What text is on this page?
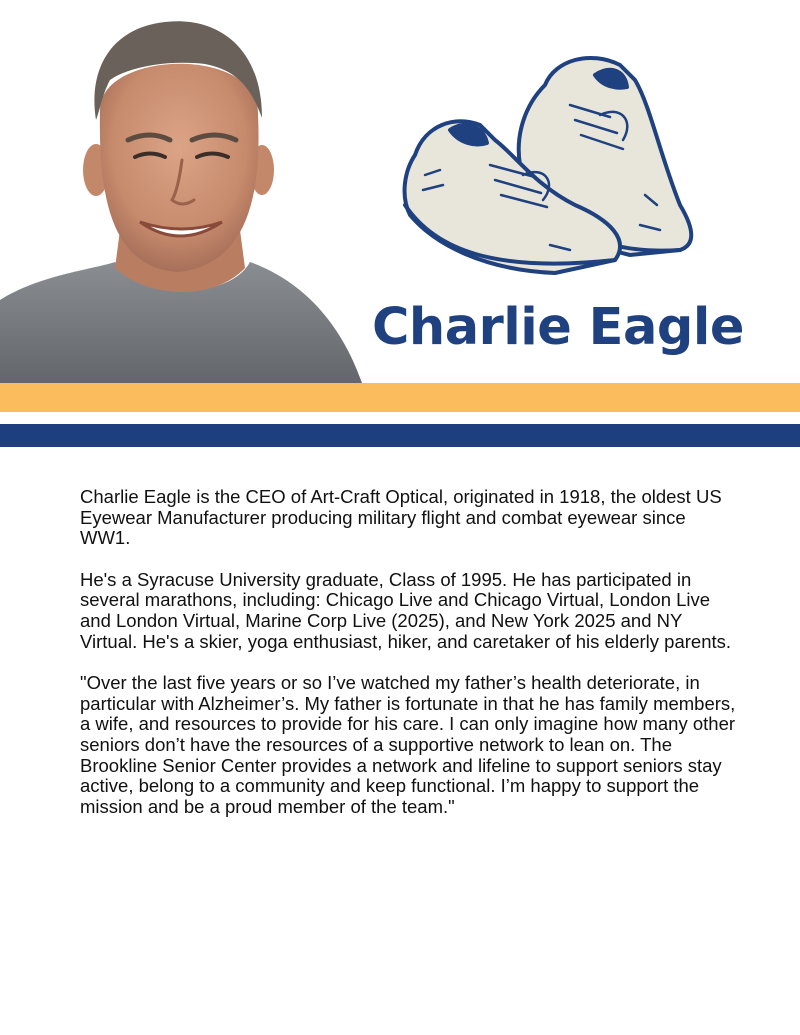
Charlie Eagle

Charlie Eagle is the CEO of Art-Craft Optical, originated in 1918, the oldest US Eyewear Manufacturer producing military flight and combat eyewear since WW1.

He's a Syracuse University graduate, Class of 1995. He has participated in several marathons, including: Chicago Live and Chicago Virtual, London Live and London Virtual, Marine Corp Live (2025), and New York 2025 and NY Virtual. He's a skier, yoga enthusiast, hiker, and caretaker of his elderly parents.

"Over the last five years or so I’ve watched my father’s health deteriorate, in particular with Alzheimer’s. My father is fortunate in that he has family members, a wife, and resources to provide for his care. I can only imagine how many other seniors don’t have the resources of a supportive network to lean on. The Brookline Senior Center provides a network and lifeline to support seniors stay active, belong to a community and keep functional. I’m happy to support the mission and be a proud member of the team."
